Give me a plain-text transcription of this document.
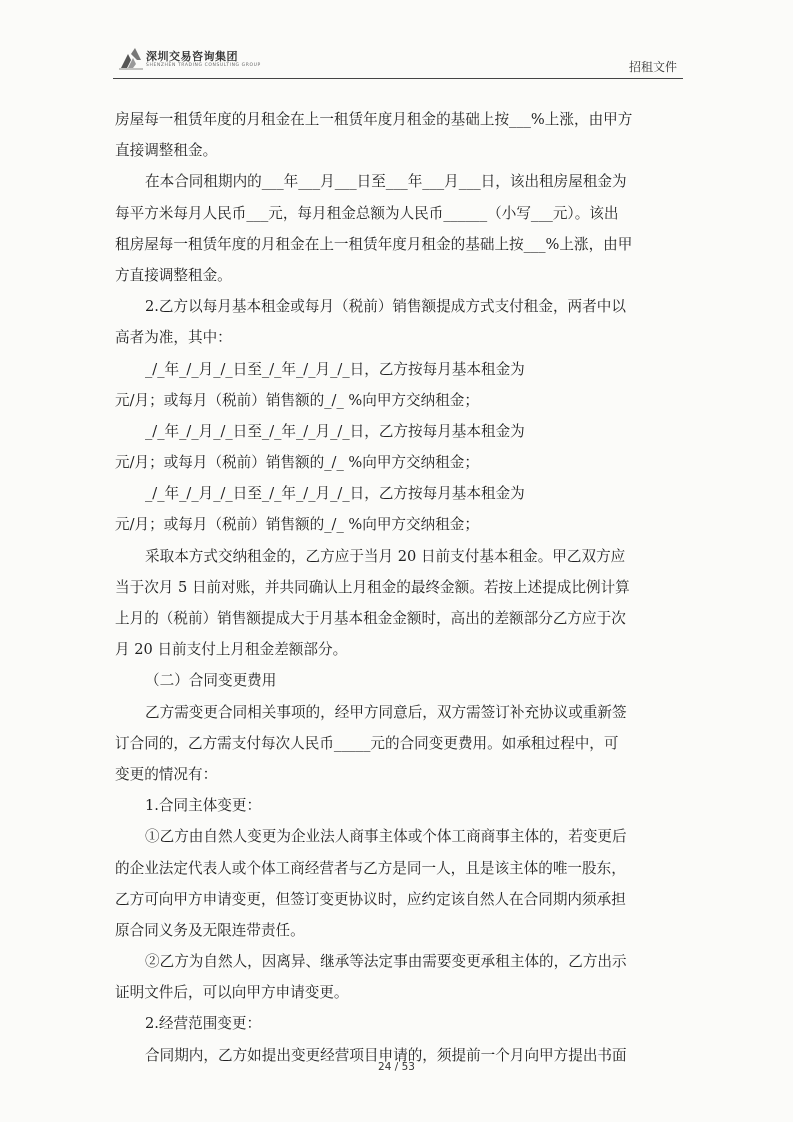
深圳交易咨询集团
SHENZHEN TRADING CONSULTING GROUP	招租文件
房屋每一租赁年度的月租金在上一租赁年度月租金的基础上按___%上涨，由甲方
直接调整租金。
在本合同租期内的___年___月___日至___年___月___日，该出租房屋租金为
每平方米每月人民币___元，每月租金总额为人民币______（小写___元）。该出
租房屋每一租赁年度的月租金在上一租赁年度月租金的基础上按___%上涨，由甲
方直接调整租金。
2.乙方以每月基本租金或每月（税前）销售额提成方式支付租金，两者中以
高者为准，其中：
_/_年_/_月_/_日至_/_年_/_月_/_日，乙方按每月基本租金为
元/月；或每月（税前）销售额的_/_ %向甲方交纳租金；
_/_年_/_月_/_日至_/_年_/_月_/_日，乙方按每月基本租金为
元/月；或每月（税前）销售额的_/_ %向甲方交纳租金；
_/_年_/_月_/_日至_/_年_/_月_/_日，乙方按每月基本租金为
元/月；或每月（税前）销售额的_/_ %向甲方交纳租金；
采取本方式交纳租金的，乙方应于当月 20 日前支付基本租金。甲乙双方应
当于次月 5 日前对账，并共同确认上月租金的最终金额。若按上述提成比例计算
上月的（税前）销售额提成大于月基本租金金额时，高出的差额部分乙方应于次
月 20 日前支付上月租金差额部分。
（二）合同变更费用
乙方需变更合同相关事项的，经甲方同意后，双方需签订补充协议或重新签
订合同的，乙方需支付每次人民币_____元的合同变更费用。如承租过程中，可
变更的情况有：
1.合同主体变更：
①乙方由自然人变更为企业法人商事主体或个体工商商事主体的，若变更后
的企业法定代表人或个体工商经营者与乙方是同一人，且是该主体的唯一股东，
乙方可向甲方申请变更，但签订变更协议时，应约定该自然人在合同期内须承担
原合同义务及无限连带责任。
②乙方为自然人，因离异、继承等法定事由需要变更承租主体的，乙方出示
证明文件后，可以向甲方申请变更。
2.经营范围变更：
合同期内，乙方如提出变更经营项目申请的，须提前一个月向甲方提出书面
24 / 53
